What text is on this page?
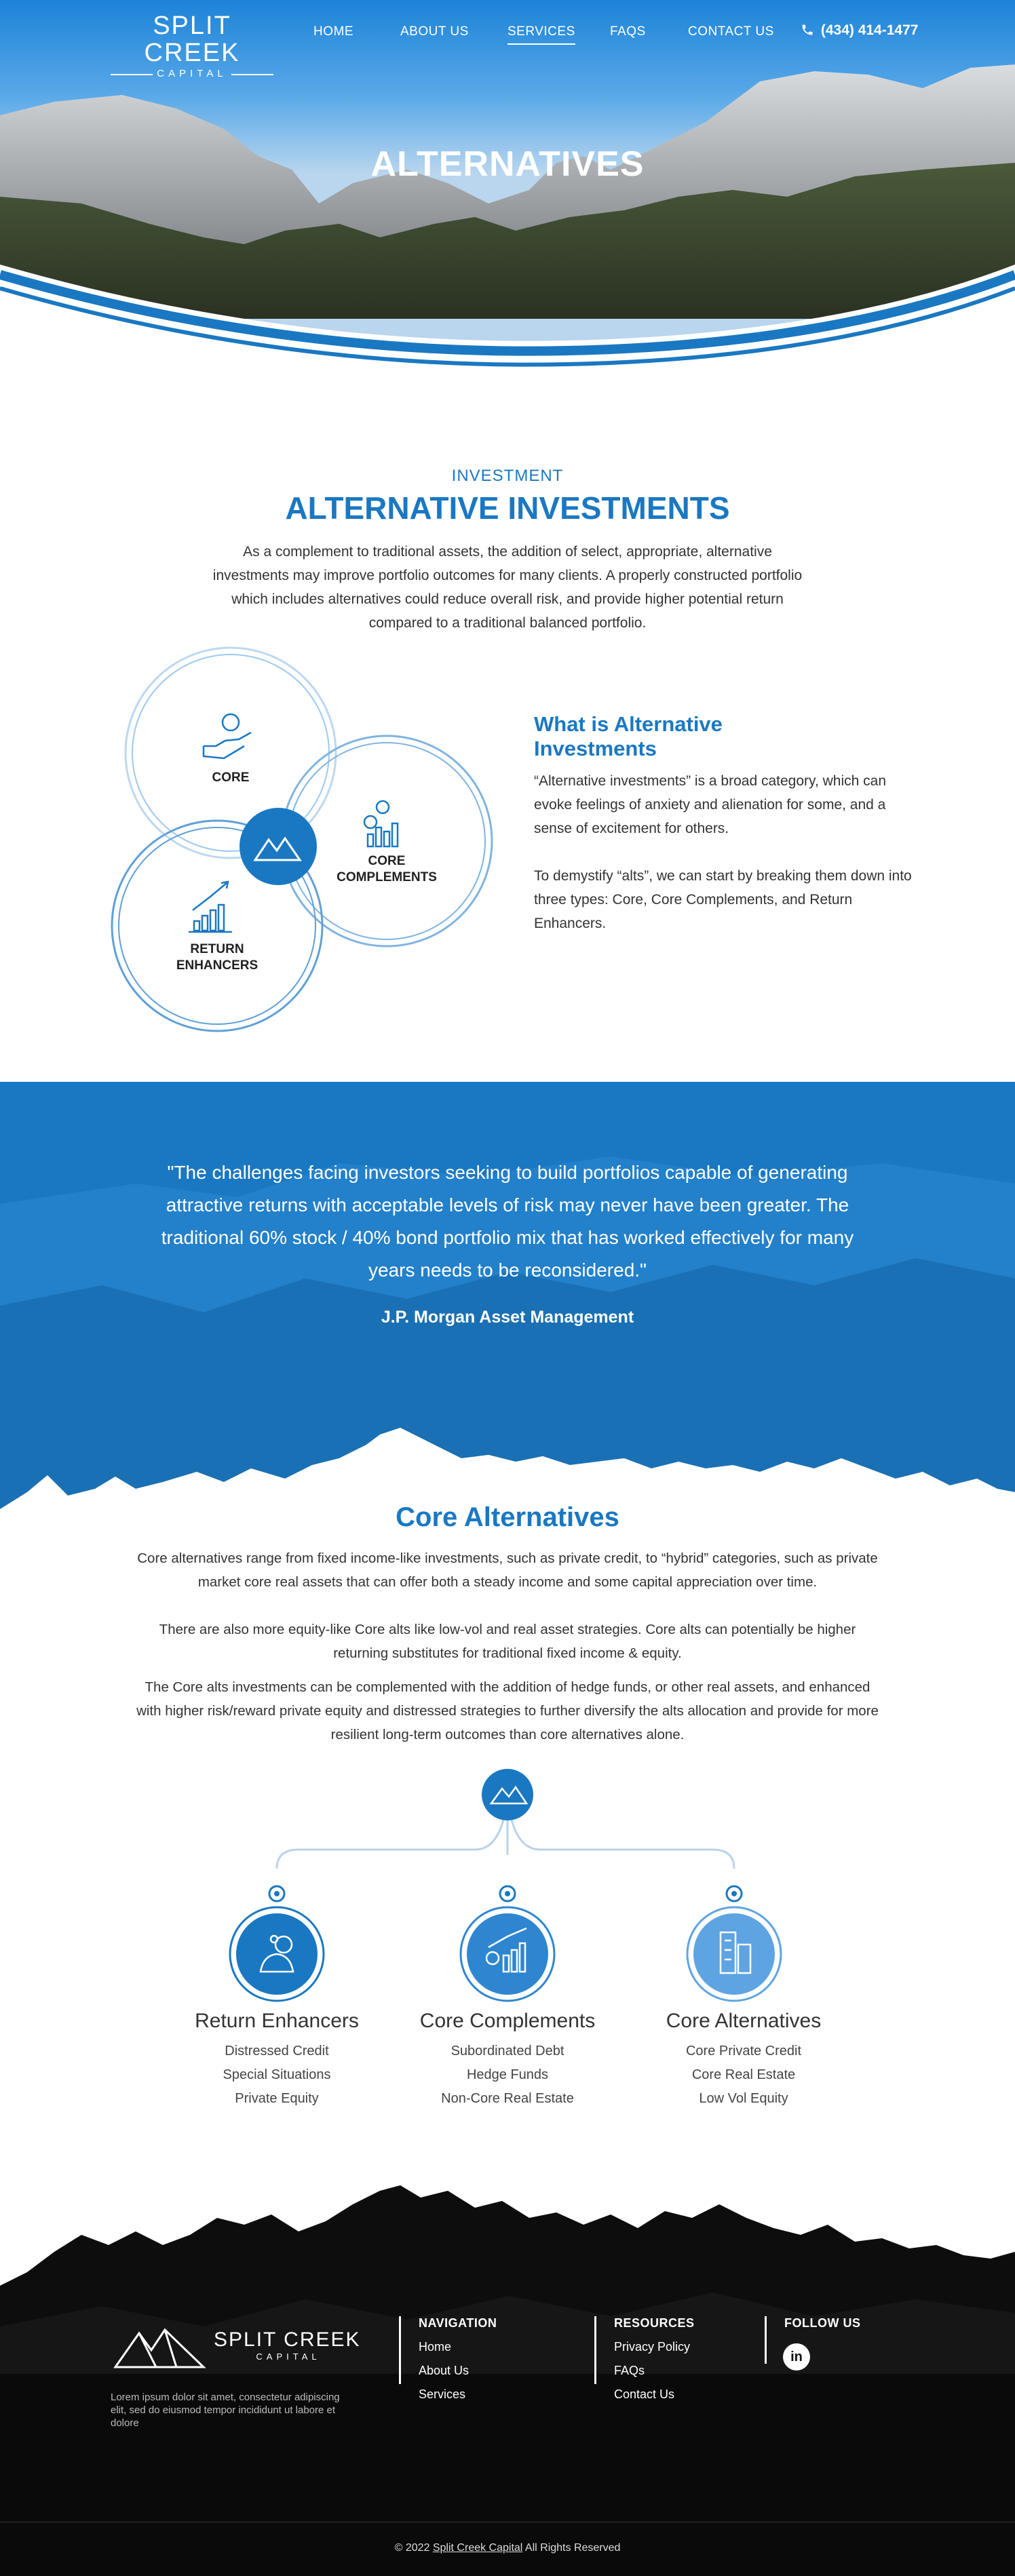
SPLIT CREEK
CAPITAL
HOME	ABOUT US	SERVICES	FAQS	CONTACT US	(434) 414-1477
ALTERNATIVES
INVESTMENT
ALTERNATIVE INVESTMENTS
As a complement to traditional assets, the addition of select, appropriate, alternative investments may improve portfolio outcomes for many clients. A properly constructed portfolio which includes alternatives could reduce overall risk, and provide higher potential return compared to a traditional balanced portfolio.
CORE
CORE
COMPLEMENTS
RETURN
ENHANCERS
What is Alternative
Investments
“Alternative investments” is a broad category, which can evoke feelings of anxiety and alienation for some, and a sense of excitement for others.
To demystify “alts”, we can start by breaking them down into three types: Core, Core Complements, and Return Enhancers.
"The challenges facing investors seeking to build portfolios capable of generating attractive returns with acceptable levels of risk may never have been greater. The traditional 60% stock / 40% bond portfolio mix that has worked effectively for many years needs to be reconsidered."
J.P. Morgan Asset Management
Core Alternatives
Core alternatives range from fixed income-like investments, such as private credit, to “hybrid” categories, such as private market core real assets that can offer both a steady income and some capital appreciation over time.
There are also more equity-like Core alts like low-vol and real asset strategies. Core alts can potentially be higher returning substitutes for traditional fixed income & equity.
The Core alts investments can be complemented with the addition of hedge funds, or other real assets, and enhanced with higher risk/reward private equity and distressed strategies to further diversify the alts allocation and provide for more resilient long-term outcomes than core alternatives alone.
Return Enhancers
Distressed Credit
Special Situations
Private Equity
Core Complements
Subordinated Debt
Hedge Funds
Non-Core Real Estate
Core Alternatives
Core Private Credit
Core Real Estate
Low Vol Equity
SPLIT CREEK
CAPITAL
Lorem ipsum dolor sit amet, consectetur adipiscing elit, sed do eiusmod tempor incididunt ut labore et dolore
NAVIGATION
Home
About Us
Services
RESOURCES
Privacy Policy
FAQs
Contact Us
FOLLOW US
in
© 2022 Split Creek Capital All Rights Reserved
